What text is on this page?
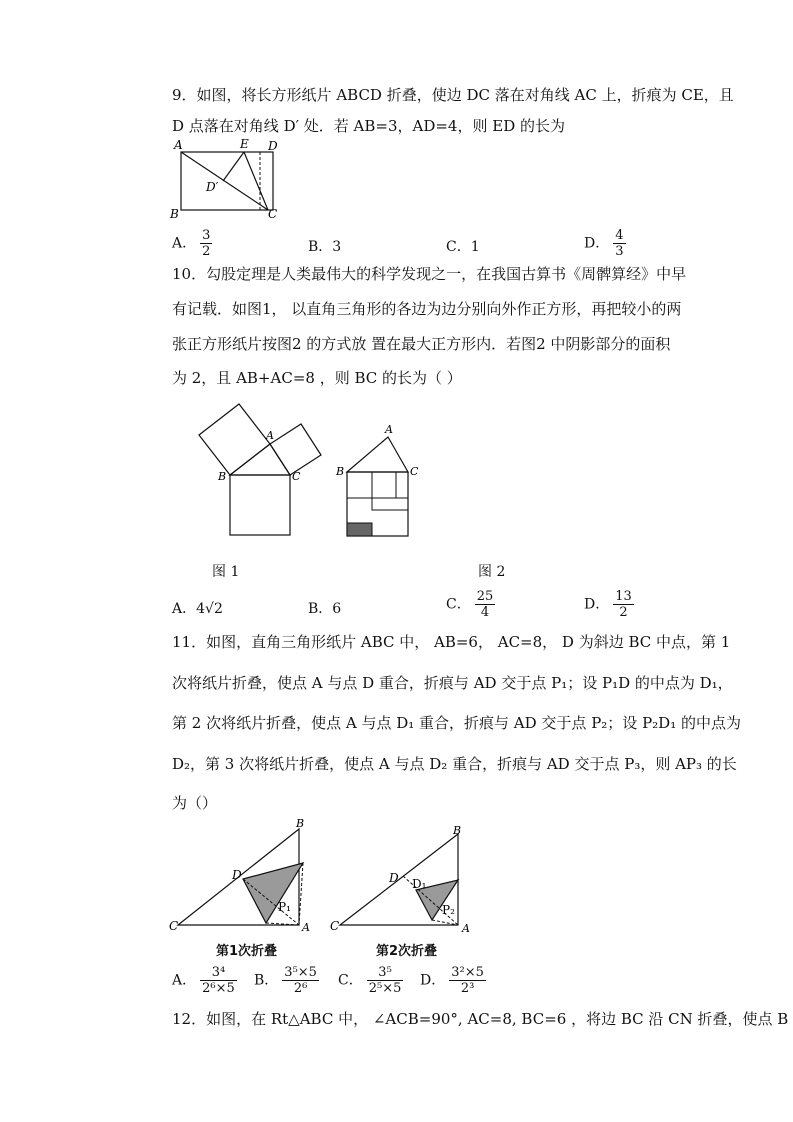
9．如图，将长方形纸片 ABCD 折叠，使边 DC 落在对角线 AC 上，折痕为 CE，且
D 点落在对角线 D′ 处．若 AB=3，AD=4，则 ED 的长为
A	E D
D′
B	C
A． $\frac{3}{2}$	B．3	C．1	D． $\frac{4}{3}$
10．勾股定理是人类最伟大的科学发现之一，在我国古算书《周髀算经》中早
有记载．如图1， 以直角三角形的各边为边分别向外作正方形，再把较小的两
张正方形纸片按图2 的方式放 置在最大正方形内．若图2 中阴影部分的面积
为 2，且 AB+AC=8 ，则 BC 的长为（ ）
A
B	C
A
B	C
图 1	图 2
A．4√2	B．6	C． $\frac{25}{4}$	D． $\frac{13}{2}$
11．如图，直角三角形纸片 ABC 中， AB=6， AC=8， D 为斜边 BC 中点，第 1
次将纸片折叠，使点 A 与点 D 重合，折痕与 AD 交于点 P₁；设 P₁D 的中点为 D₁，
第 2 次将纸片折叠，使点 A 与点 D₁ 重合，折痕与 AD 交于点 P₂；设 P₂D₁ 的中点为
D₂，第 3 次将纸片折叠，使点 A 与点 D₂ 重合，折痕与 AD 交于点 P₃，则 AP₃ 的长
为（）
B
D
P₁
C	A
B
D D₁
P₂
C	A
第1次折叠	第2次折叠
A． $\frac{\text{3⁴}}{\text{2⁶×5}}$ B． $\frac{\text{3⁵×5}}{\text{2⁶}}$ C． $\frac{\text{3⁵}}{\text{2⁵×5}}$ D． $\frac{\text{3²×5}}{\text{2³}}$
12．如图，在 Rt△ABC 中， ∠ACB=90°, AC=8, BC=6 ，将边 BC 沿 CN 折叠，使点 B
